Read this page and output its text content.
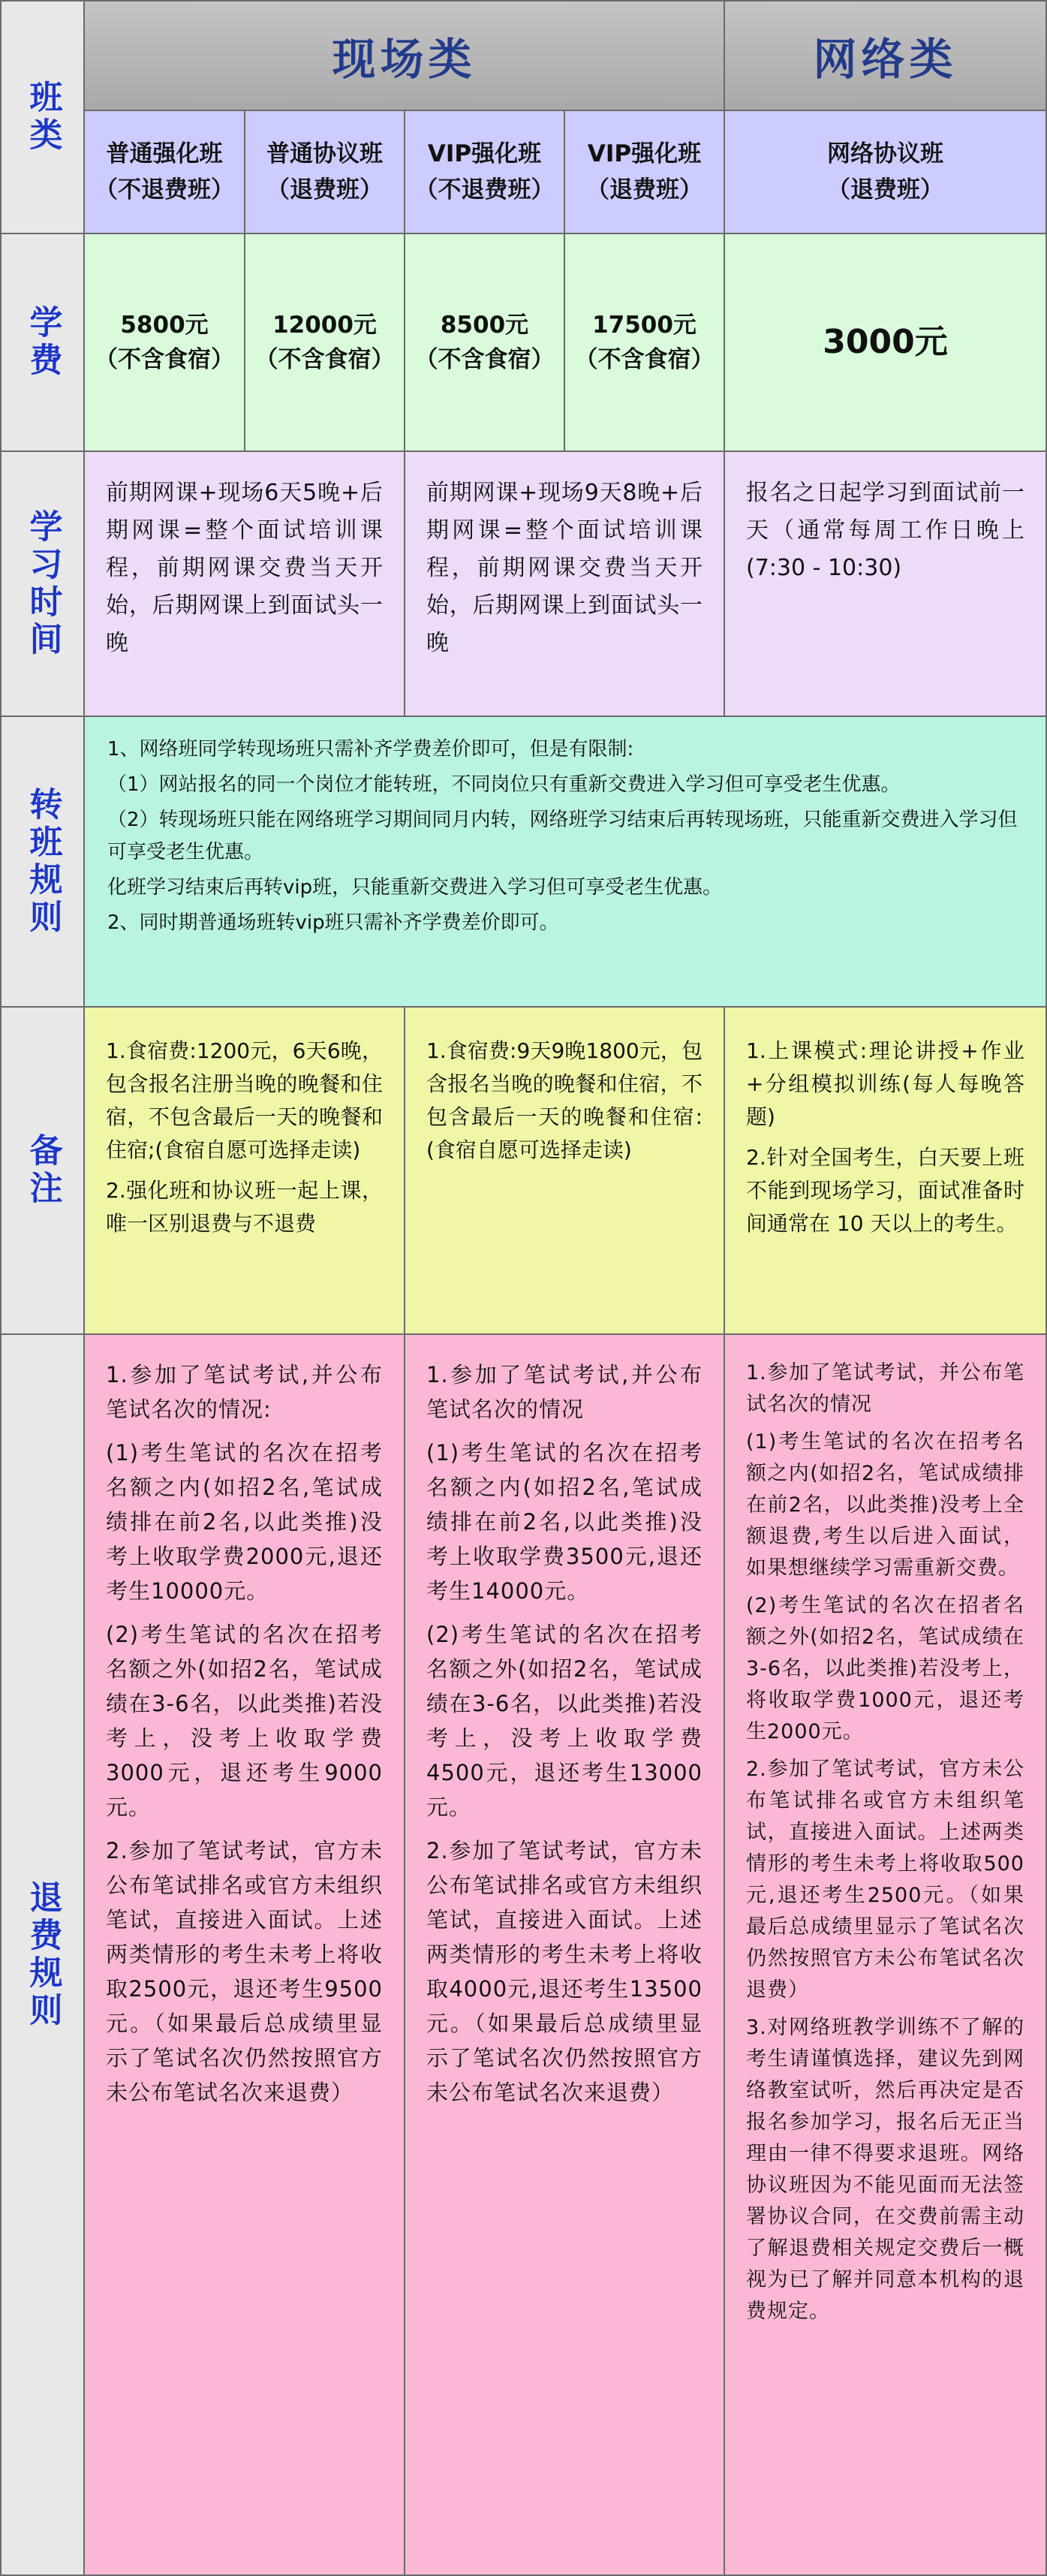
班类
学费
学习时间
转班规则
备注
退费规则
现场类	网络类
普通强化班
（不退费班）
普通协议班
（退费班）
VIP强化班
（不退费班）
VIP强化班
（退费班）
网络协议班
（退费班）
5800元
（不含食宿）
12000元
（不含食宿）
8500元
（不含食宿）
17500元
（不含食宿）	3000元

前期网课+现场6天5晚+后期网课=整个面试培训课程，前期网课交费当天开始，后期网课上到面试头一晚

前期网课+现场9天8晚+后期网课=整个面试培训课程，前期网课交费当天开始，后期网课上到面试头一晚

报名之日起学习到面试前一天（通常每周工作日晚上(7:30 - 10:30)

1、网络班同学转现场班只需补齐学费差价即可，但是有限制:

（1）网站报名的同一个岗位才能转班，不同岗位只有重新交费进入学习但可享受老生优惠。

（2）转现场班只能在网络班学习期间同月内转，网络班学习结束后再转现场班，只能重新交费进入学习但可享受老生优惠。

化班学习结束后再转vip班，只能重新交费进入学习但可享受老生优惠。

2、同时期普通场班转vip班只需补齐学费差价即可。

1.食宿费:1200元，6天6晚，包含报名注册当晚的晚餐和住宿，不包含最后一天的晚餐和住宿;(食宿自愿可选择走读)

2.强化班和协议班一起上课，唯一区别退费与不退费

1.食宿费:9天9晚1800元，包含报名当晚的晚餐和住宿，不包含最后一天的晚餐和住宿:(食宿自愿可选择走读)

1.上课模式:理论讲授+作业+分组模拟训练(每人每晚答题)

2.针对全国考生，白天要上班不能到现场学习，面试准备时间通常在 10 天以上的考生。

1.参加了笔试考试,并公布笔试名次的情况:

(1)考生笔试的名次在招考名额之内(如招2名,笔试成绩排在前2名,以此类推)没考上收取学费2000元,退还考生10000元。

(2)考生笔试的名次在招考名额之外(如招2名，笔试成绩在3-6名，以此类推)若没考上，没考上收取学费3000元，退还考生9000元。

2.参加了笔试考试，官方未公布笔试排名或官方未组织笔试，直接进入面试。上述两类情形的考生未考上将收取2500元，退还考生9500元。（如果最后总成绩里显示了笔试名次仍然按照官方未公布笔试名次来退费）

1.参加了笔试考试,并公布笔试名次的情况

(1)考生笔试的名次在招考名额之内(如招2名,笔试成绩排在前2名,以此类推)没考上收取学费3500元,退还考生14000元。

(2)考生笔试的名次在招考名额之外(如招2名，笔试成绩在3-6名，以此类推)若没考上，没考上收取学费4500元，退还考生13000元。

2.参加了笔试考试，官方未公布笔试排名或官方未组织笔试，直接进入面试。上述两类情形的考生未考上将收取4000元,退还考生13500元。（如果最后总成绩里显示了笔试名次仍然按照官方未公布笔试名次来退费）

1.参加了笔试考试，并公布笔试名次的情况

(1)考生笔试的名次在招考名额之内(如招2名，笔试成绩排在前2名，以此类推)没考上全额退费,考生以后进入面试，如果想继续学习需重新交费。

(2)考生笔试的名次在招者名额之外(如招2名，笔试成绩在3-6名，以此类推)若没考上，将收取学费1000元，退还考生2000元。

2.参加了笔试考试，官方未公布笔试排名或官方未组织笔试，直接进入面试。上述两类情形的考生未考上将收取500元,退还考生2500元。（如果最后总成绩里显示了笔试名次仍然按照官方未公布笔试名次退费）

3.对网络班教学训练不了解的考生请谨慎选择，建议先到网络教室试听，然后再决定是否报名参加学习，报名后无正当理由一律不得要求退班。网络协议班因为不能见面而无法签署协议合同，在交费前需主动了解退费相关规定交费后一概视为已了解并同意本机构的退费规定。
